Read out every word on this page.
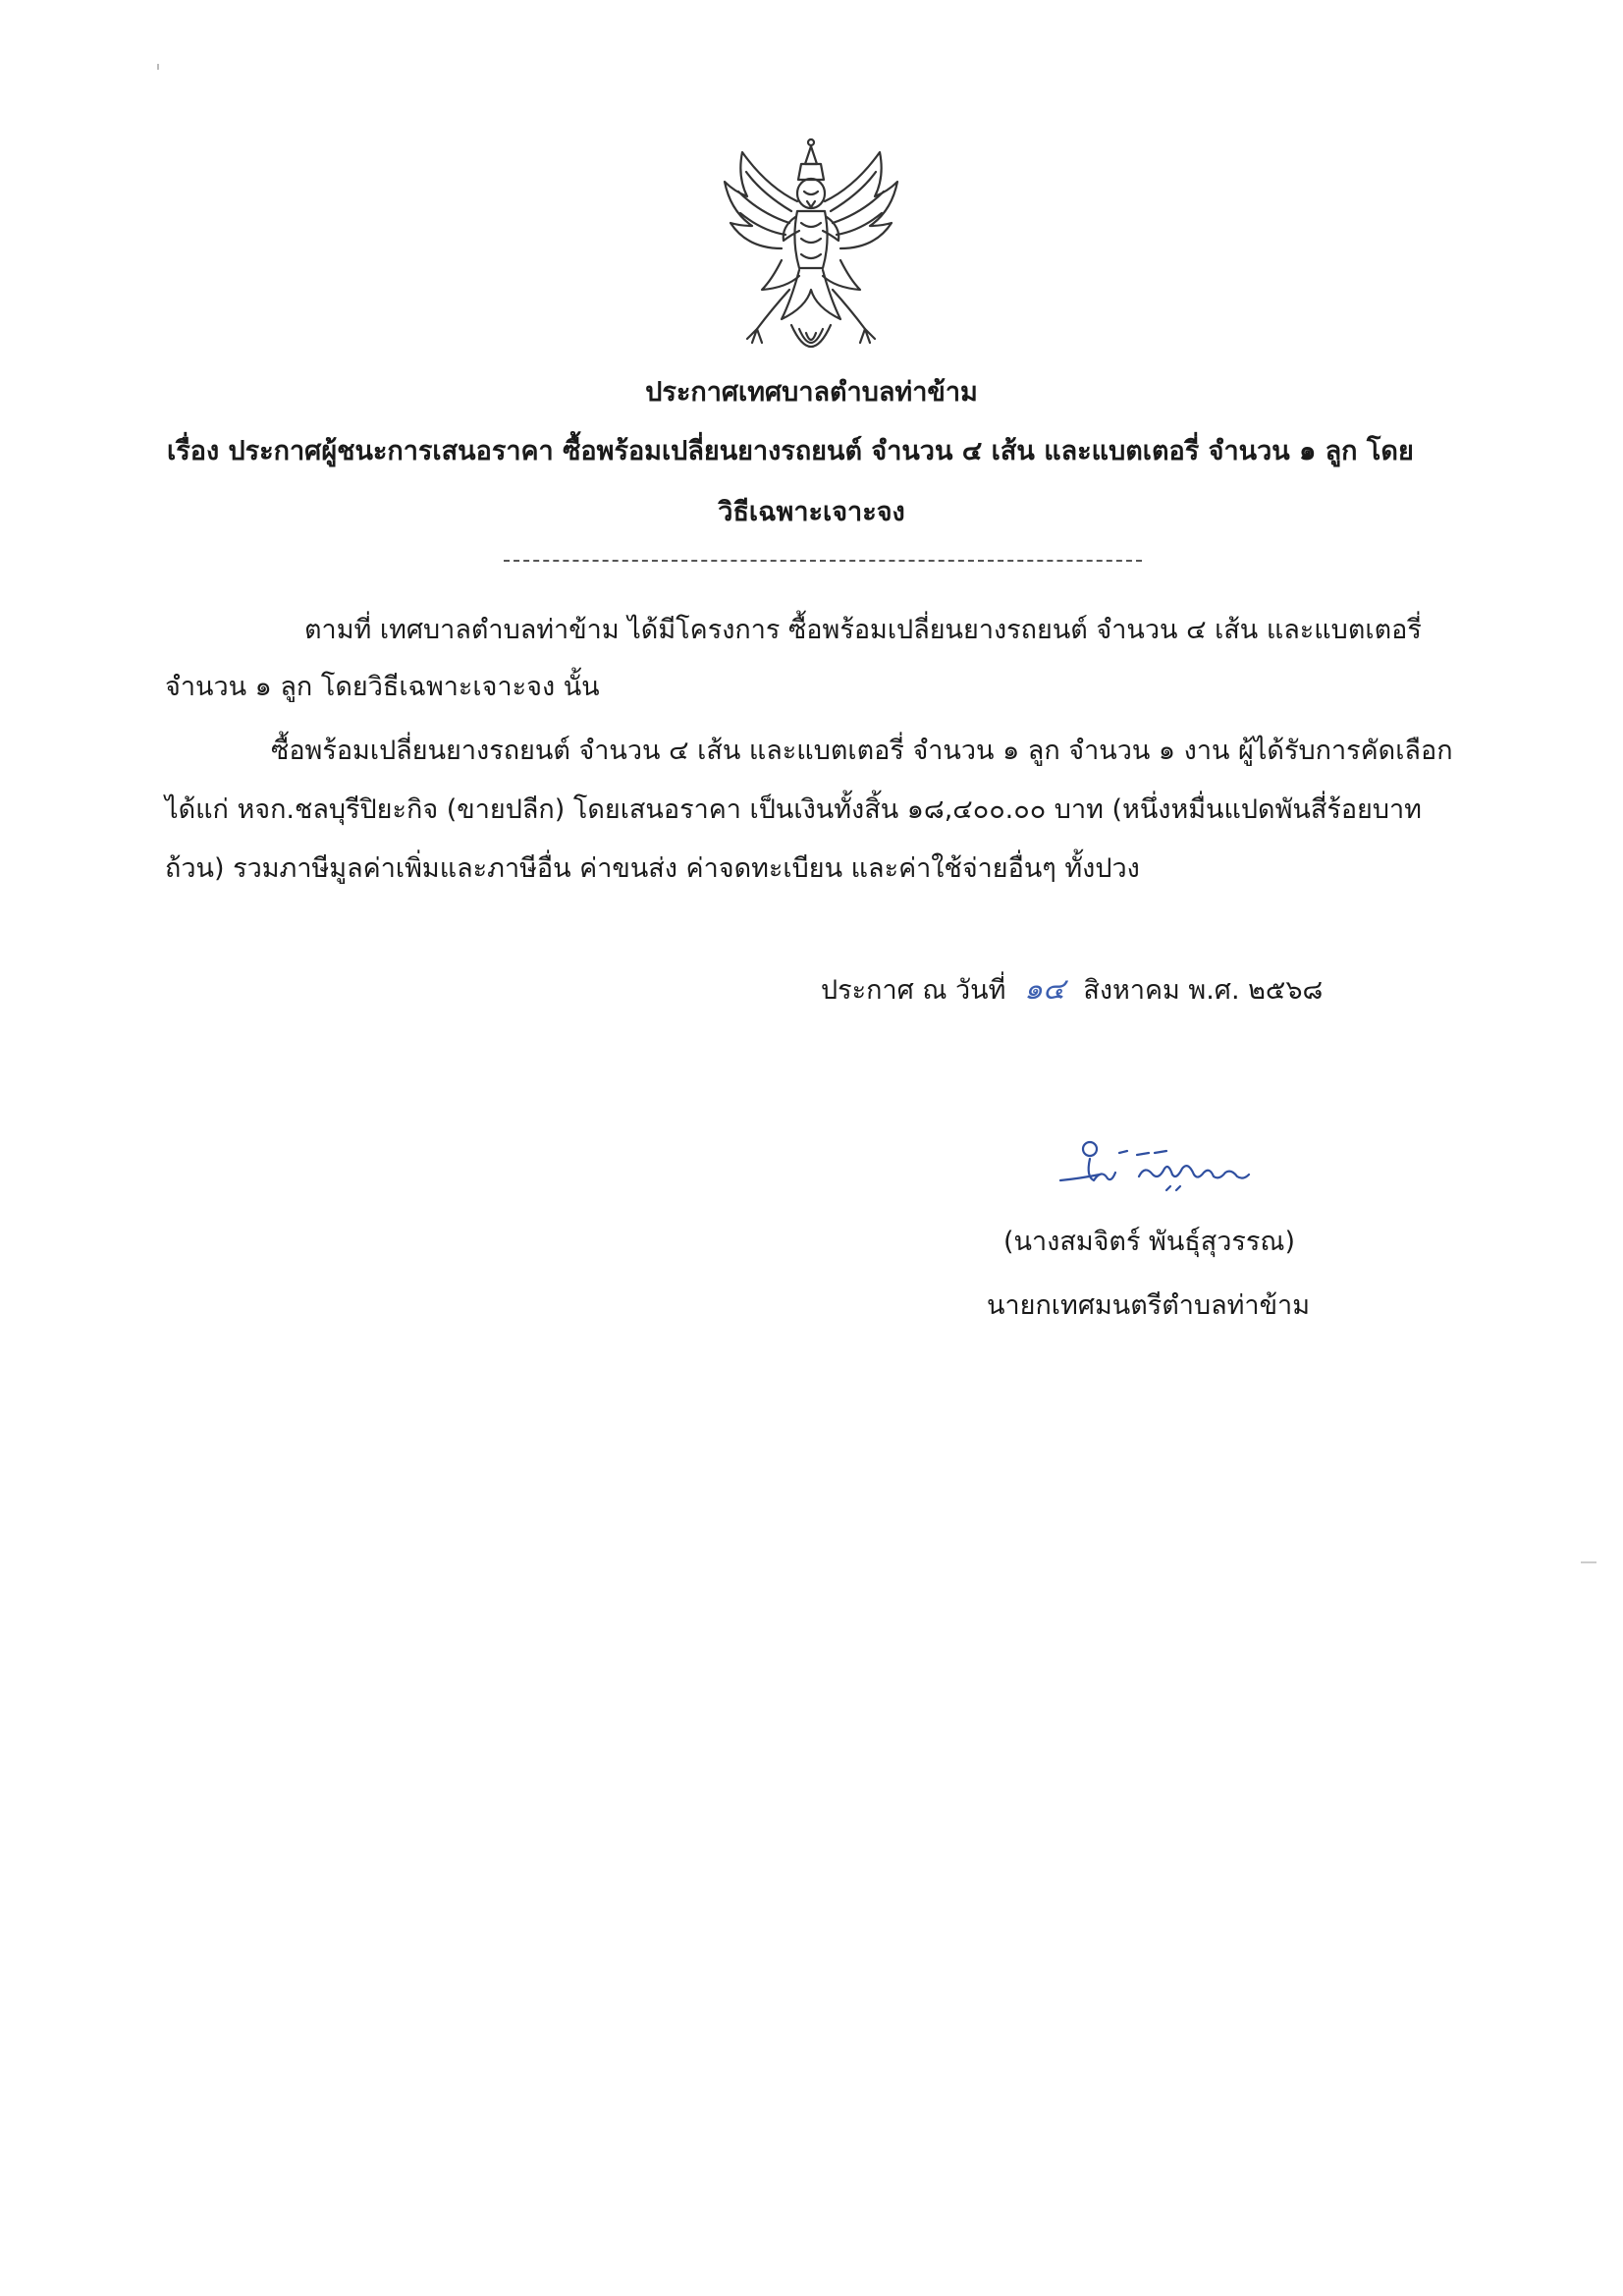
ประกาศเทศบาลตำบลท่าข้าม
เรื่อง ประกาศผู้ชนะการเสนอราคา ซื้อพร้อมเปลี่ยนยางรถยนต์ จำนวน ๔ เส้น และแบตเตอรี่ จำนวน ๑ ลูก โดย
วิธีเฉพาะเจาะจง
ตามที่ เทศบาลตำบลท่าข้าม ได้มีโครงการ ซื้อพร้อมเปลี่ยนยางรถยนต์ จำนวน ๔ เส้น และแบตเตอรี่
จำนวน ๑ ลูก โดยวิธีเฉพาะเจาะจง นั้น
ซื้อพร้อมเปลี่ยนยางรถยนต์ จำนวน ๔ เส้น และแบตเตอรี่ จำนวน ๑ ลูก จำนวน ๑ งาน ผู้ได้รับการคัดเลือก
ได้แก่ หจก.ชลบุรีปิยะกิจ (ขายปลีก) โดยเสนอราคา เป็นเงินทั้งสิ้น ๑๘,๔๐๐.๐๐ บาท (หนึ่งหมื่นแปดพันสี่ร้อยบาท
ถ้วน) รวมภาษีมูลค่าเพิ่มและภาษีอื่น ค่าขนส่ง ค่าจดทะเบียน และค่าใช้จ่ายอื่นๆ ทั้งปวง
ประกาศ ณ วันที่ ๑๔ สิงหาคม พ.ศ. ๒๕๖๘
(นางสมจิตร์ พันธุ์สุวรรณ)
นายกเทศมนตรีตำบลท่าข้าม
